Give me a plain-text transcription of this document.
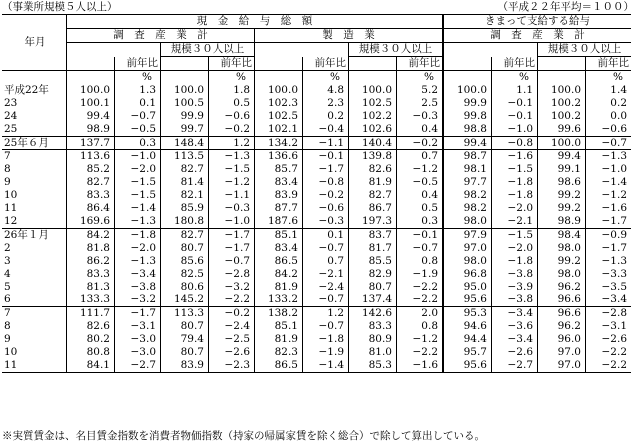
（事業所規模５人以上）	（平成２２年平均＝１００）
年月	現　金　給　与　総　額								きまって支給する給与			
	調　査　産　業　計				製　造　業				調　査　産　業　計			
			規模３０人以上				規模３０人以上				規模３０人以上	
		前年比		前年比		前年比		前年比		前年比		前年比
		%		%		%		%		%		%
平成22年	100.0	1.3	100.0	1.8	100.0	4.8	100.0	5.2	100.0	1.1	100.0	1.4
23	100.1	0.1	100.5	0.5	102.3	2.3	102.5	2.5	99.9	−0.1	100.2	0.2
24	99.4	−0.7	99.9	−0.6	102.5	0.2	102.2	−0.3	99.8	−0.1	100.2	0.0
25	98.9	−0.5	99.7	−0.2	102.1	−0.4	102.6	0.4	98.8	−1.0	99.6	−0.6
25年６月	137.7	0.3	148.4	1.2	134.2	−1.1	140.4	−0.2	99.4	−0.8	100.0	−0.7
7	113.6	−1.0	113.5	−1.3	136.6	−0.1	139.8	0.7	98.7	−1.6	99.4	−1.3
8	85.2	−2.0	82.7	−1.5	85.7	−1.7	82.6	−1.2	98.1	−1.5	99.1	−1.0
9	82.7	−1.5	81.4	−1.2	83.4	−0.8	81.9	−0.5	97.7	−1.8	98.6	−1.4
10	83.3	−1.5	82.1	−1.1	83.9	−0.2	82.7	0.4	98.2	−1.8	99.2	−1.2
11	86.4	−1.4	85.9	−0.3	87.7	−0.6	86.7	0.5	98.2	−2.0	99.2	−1.6
12	169.6	−1.3	180.8	−1.0	187.6	−0.3	197.3	0.3	98.0	−2.1	98.9	−1.7
26年１月	84.2	−1.8	82.7	−1.7	85.1	0.1	83.7	−0.1	97.9	−1.5	98.4	−0.9
2	81.8	−2.0	80.7	−1.7	83.4	−0.7	81.7	−0.7	97.0	−2.0	98.0	−1.7
3	86.2	−1.3	85.6	−0.7	86.5	0.7	85.5	0.8	98.0	−1.8	99.2	−1.3
4	83.3	−3.4	82.5	−2.8	84.2	−2.1	82.9	−1.9	96.8	−3.8	98.0	−3.3
5	81.3	−3.8	80.6	−3.2	81.9	−2.4	80.7	−2.2	95.0	−3.9	96.2	−3.5
6	133.3	−3.2	145.2	−2.2	133.2	−0.7	137.4	−2.2	95.6	−3.8	96.6	−3.4
7	111.7	−1.7	113.3	−0.2	138.2	1.2	142.6	2.0	95.3	−3.4	96.6	−2.8
8	82.6	−3.1	80.7	−2.4	85.1	−0.7	83.3	0.8	94.6	−3.6	96.2	−3.1
9	80.2	−3.0	79.4	−2.5	81.9	−1.8	80.9	−1.2	94.4	−3.4	96.0	−2.6
10	80.8	−3.0	80.7	−2.6	82.3	−1.9	81.0	−2.2	95.7	−2.6	97.0	−2.2
11	84.1	−2.7	83.9	−2.3	86.5	−1.4	85.3	−1.6	95.6	−2.7	97.0	−2.2
※実質賃金は、名目賃金指数を消費者物価指数（持家の帰属家賃を除く総合）で除して算出している。
